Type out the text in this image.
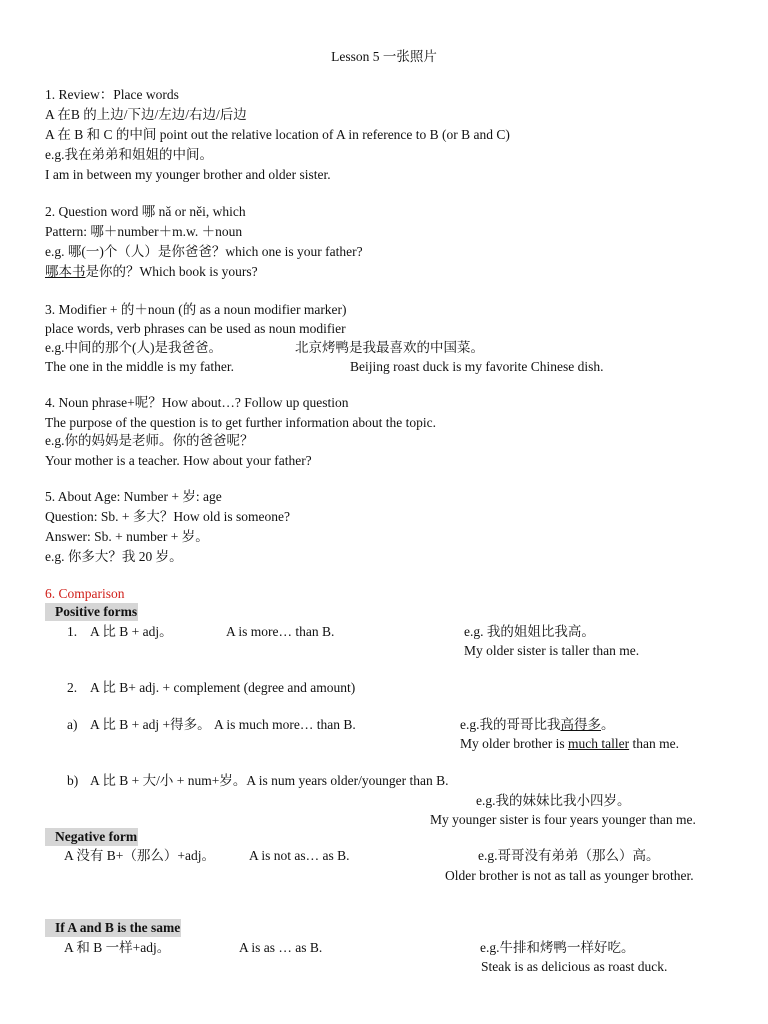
Lesson 5 一张照片
1. Review：Place words
A 在B 的上边/下边/左边/右边/后边
A 在 B 和 C 的中间 point out the relative location of A in reference to B (or B and C)
e.g.我在弟弟和姐姐的中间。
I am in between my younger brother and older sister.
2. Question word 哪 nǎ or něi, which
Pattern: 哪＋number＋m.w. ＋noun
e.g. 哪(一)个（人）是你爸爸？which one is your father?
哪本书是你的？Which book is yours?
3. Modifier + 的＋noun (的 as a noun modifier marker)
place words, verb phrases can be used as noun modifier
e.g.中间的那个(人)是我爸爸。	北京烤鸭是我最喜欢的中国菜。
The one in the middle is my father.	Beijing roast duck is my favorite Chinese dish.
4. Noun phrase+呢？How about…? Follow up question
The purpose of the question is to get further information about the topic.
e.g.你的妈妈是老师。你的爸爸呢？
Your mother is a teacher. How about your father?
5. About Age: Number + 岁: age
Question: Sb. + 多大？How old is someone?
Answer: Sb. + number + 岁。
e.g. 你多大？我 20 岁。
6. Comparison
Positive forms
1. A 比 B + adj。	A is more… than B.	e.g. 我的姐姐比我高。
My older sister is taller than me.
2. A 比 B+ adj. + complement (degree and amount)
a) A 比 B + adj +得多。 A is much more… than B.	e.g.我的哥哥比我高得多。
My older brother is much taller than me.
b) A 比 B + 大/小 + num+岁。A is num years older/younger than B.
e.g.我的妹妹比我小四岁。
My younger sister is four years younger than me.
Negative form
A 没有 B+（那么）+adj。	A is not as… as B.	e.g.哥哥没有弟弟（那么）高。
Older brother is not as tall as younger brother.
If A and B is the same
A 和 B 一样+adj。	A is as … as B.	e.g.牛排和烤鸭一样好吃。
Steak is as delicious as roast duck.
